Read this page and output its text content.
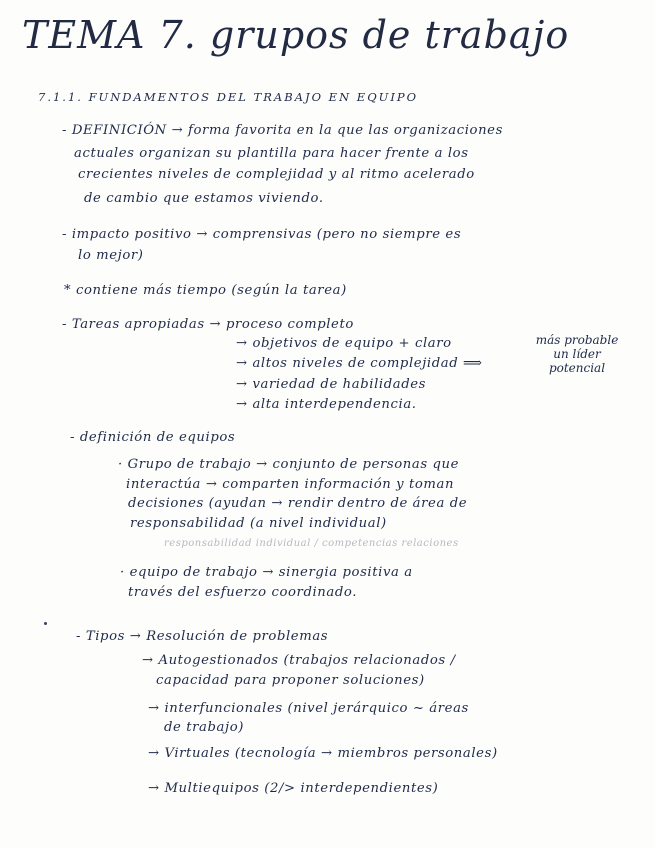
TEMA 7. grupos de trabajo
7.1.1. FUNDAMENTOS DEL TRABAJO EN EQUIPO
- DEFINICIÓN → forma favorita en la que las organizaciones
actuales organizan su plantilla para hacer frente a los
crecientes niveles de complejidad y al ritmo acelerado
de cambio que estamos viviendo.
- impacto positivo → comprensivas (pero no siempre es
lo mejor)
* contiene más tiempo (según la tarea)
- Tareas apropiadas → proceso completo
→ objetivos de equipo + claro
→ altos niveles de complejidad ⟹
→ variedad de habilidades
→ alta interdependencia.
más probable
un líder
potencial
- definición de equipos
· Grupo de trabajo → conjunto de personas que
interactúa → comparten información y toman
decisiones (ayudan → rendir dentro de área de
responsabilidad (a nivel individual)
responsabilidad individual / competencias relaciones
· equipo de trabajo → sinergia positiva a
través del esfuerzo coordinado.
- Tipos → Resolución de problemas
→ Autogestionados (trabajos relacionados /
capacidad para proponer soluciones)
→ interfuncionales (nivel jerárquico ~ áreas
de trabajo)
→ Virtuales (tecnología → miembros personales)
→ Multiequipos (2/> interdependientes)
